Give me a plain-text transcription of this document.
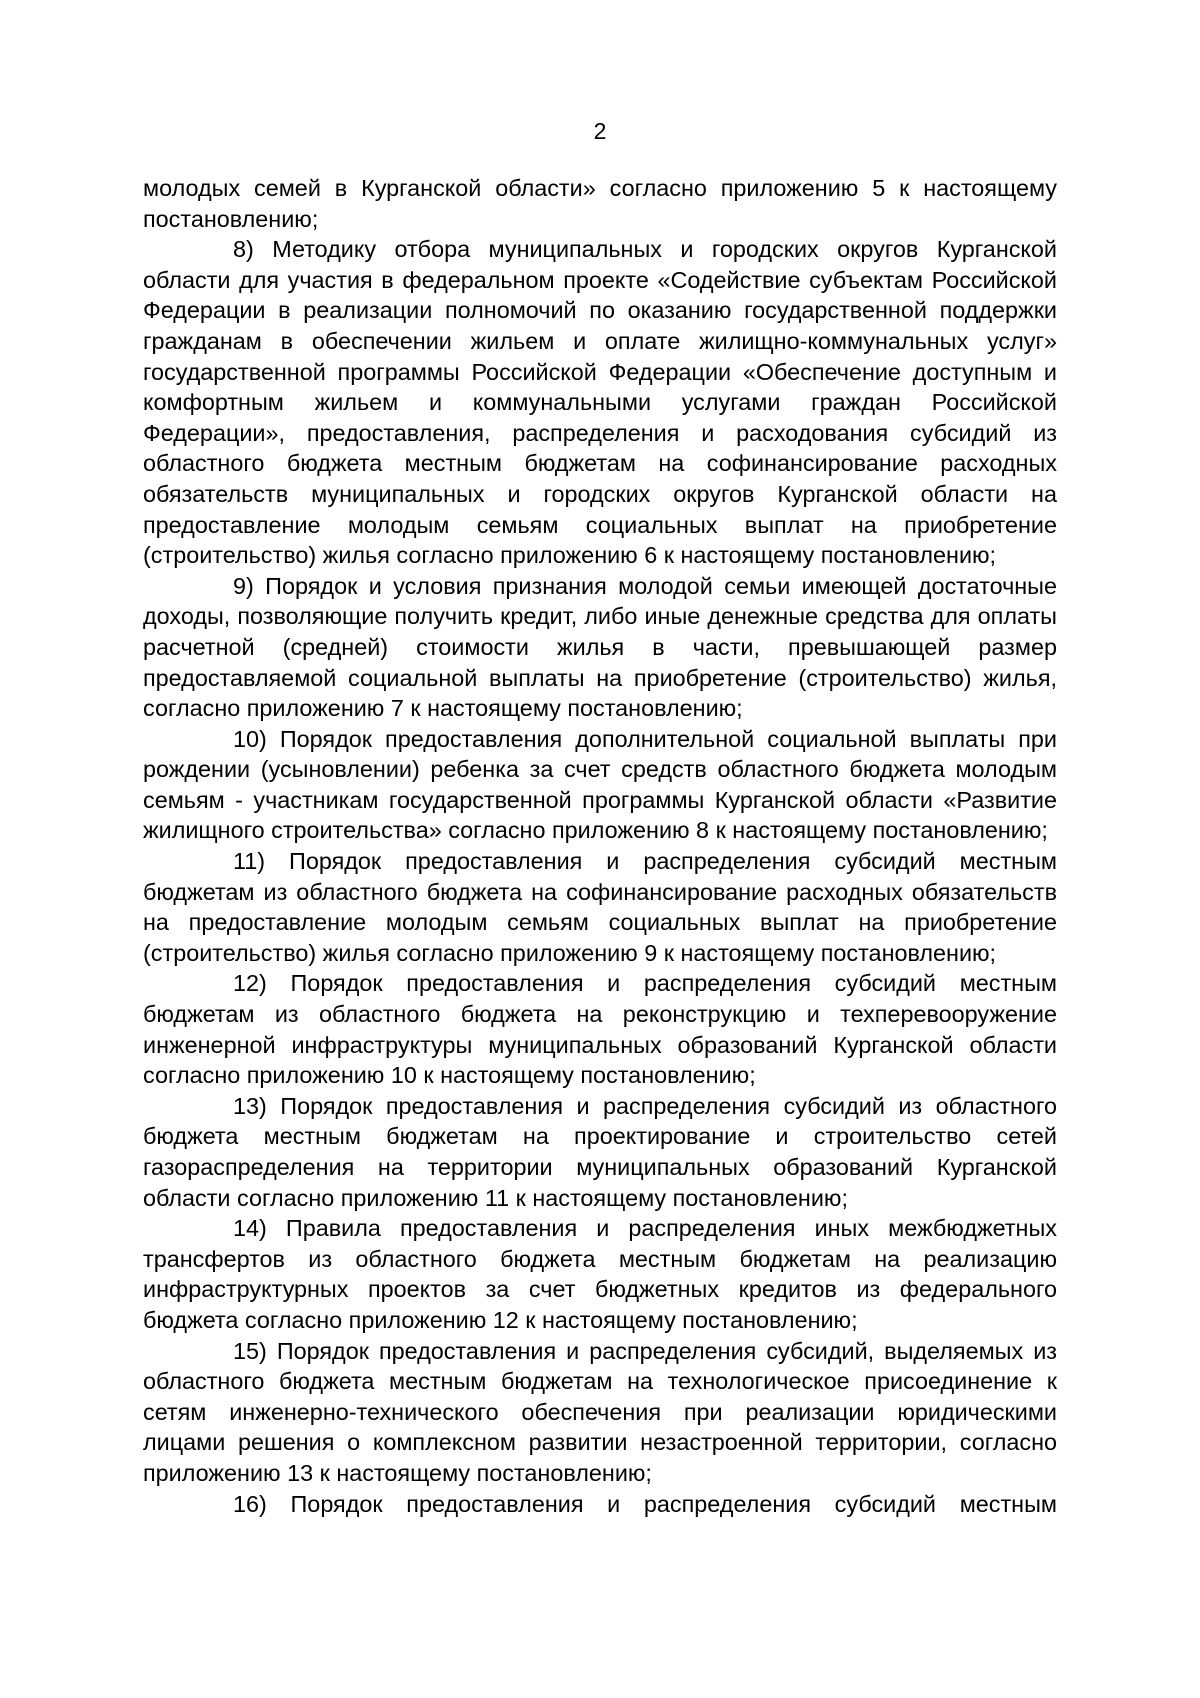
2

молодых семей в Курганской области» согласно приложению 5 к настоящему постановлению;

8) Методику отбора муниципальных и городских округов Курганской области для участия в федеральном проекте «Содействие субъектам Российской Федерации в реализации полномочий по оказанию государственной поддержки гражданам в обеспечении жильем и оплате жилищно-коммунальных услуг» государственной программы Российской Федерации «Обеспечение доступным и комфортным жильем и коммунальными услугами граждан Российской Федерации», предоставления, распределения и расходования субсидий из областного бюджета местным бюджетам на софинансирование расходных обязательств муниципальных и городских округов Курганской области на предоставление молодым семьям социальных выплат на приобретение (строительство) жилья согласно приложению 6 к настоящему постановлению;

9) Порядок и условия признания молодой семьи имеющей достаточные доходы, позволяющие получить кредит, либо иные денежные средства для оплаты расчетной (средней) стоимости жилья в части, превышающей размер предоставляемой социальной выплаты на приобретение (строительство) жилья, согласно приложению 7 к настоящему постановлению;

10) Порядок предоставления дополнительной социальной выплаты при рождении (усыновлении) ребенка за счет средств областного бюджета молодым семьям - участникам государственной программы Курганской области «Развитие жилищного строительства» согласно приложению 8 к настоящему постановлению;

11) Порядок предоставления и распределения субсидий местным бюджетам из областного бюджета на софинансирование расходных обязательств на предоставление молодым семьям социальных выплат на приобретение (строительство) жилья согласно приложению 9 к настоящему постановлению;

12) Порядок предоставления и распределения субсидий местным бюджетам из областного бюджета на реконструкцию и техперевооружение инженерной инфраструктуры муниципальных образований Курганской области согласно приложению 10 к настоящему постановлению;

13) Порядок предоставления и распределения субсидий из областного бюджета местным бюджетам на проектирование и строительство сетей газораспределения на территории муниципальных образований Курганской области согласно приложению 11 к настоящему постановлению;

14) Правила предоставления и распределения иных межбюджетных трансфертов из областного бюджета местным бюджетам на реализацию инфраструктурных проектов за счет бюджетных кредитов из федерального бюджета согласно приложению 12 к настоящему постановлению;

15) Порядок предоставления и распределения субсидий, выделяемых из областного бюджета местным бюджетам на технологическое присоединение к сетям инженерно-технического обеспечения при реализации юридическими лицами решения о комплексном развитии незастроенной территории, согласно приложению 13 к настоящему постановлению;

16) Порядок предоставления и распределения субсидий местным
